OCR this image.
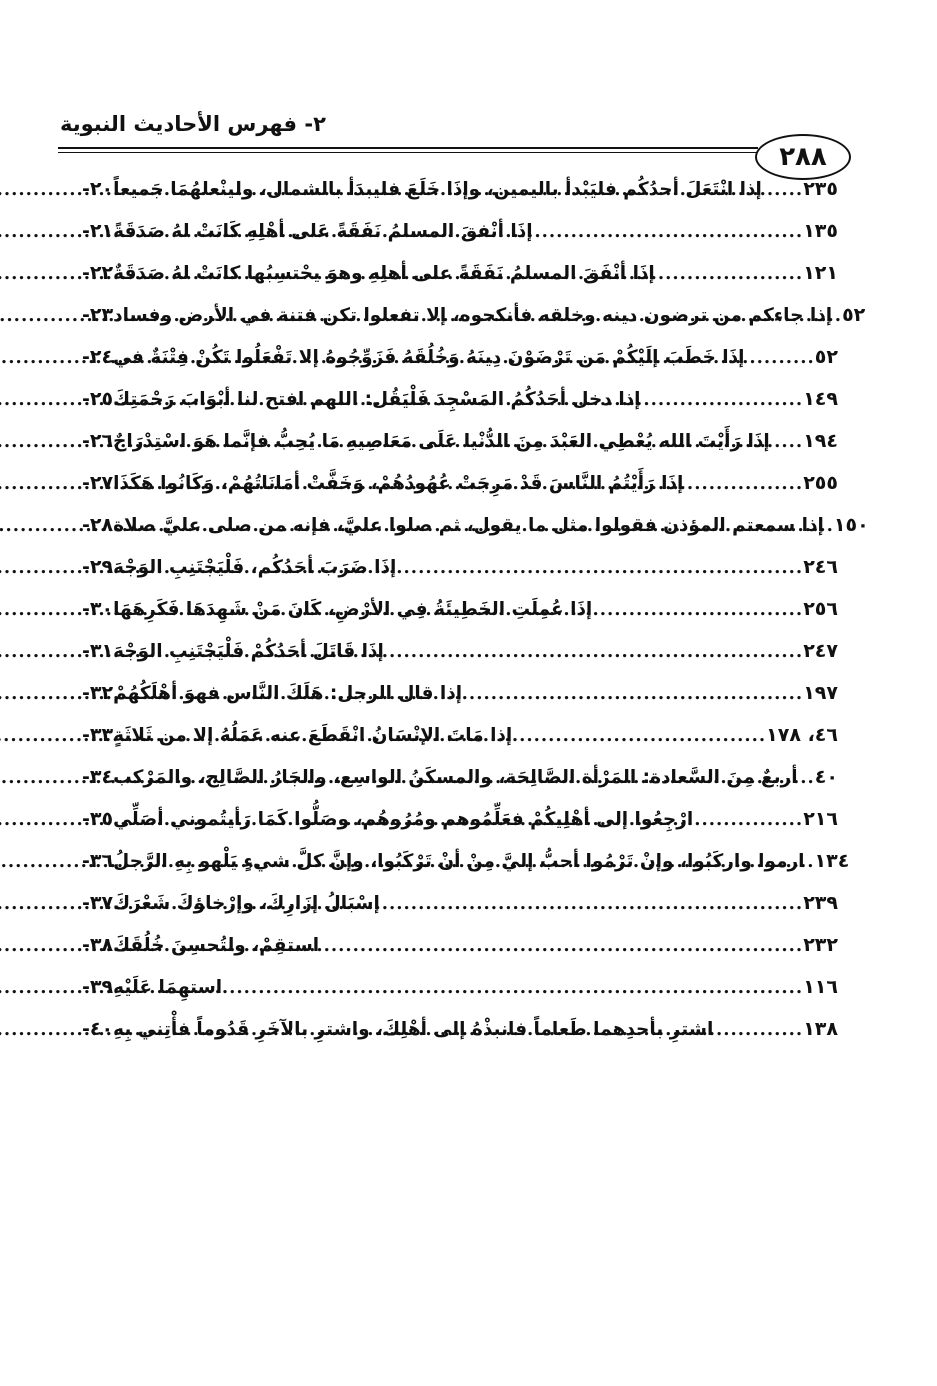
٢- فهرس الأحاديث النبوية
٢٨٨
٢٠- إذا انْتَعَلَ أحدُكُم فليَبْدأ باليمين، وإذَا خَلَعَ فليبدَأ بالشمال، ولينْعلهُمَا جَميعاً ..... ٢٣٥
٢١- إذَا أنْفقَ المسلمُ نَفَقَةً عَلى أهْلِهِ كَانَتْ لهُ صَدَقَةً .....	١٣٥
٢٢- إذَا أنْفَقَ المسلمُ نَفَقَةً على أهلِهِ وهوَ يحْتسِبُها كانَتْ لهُ صَدَقَةٌ .....	١٢١
٢٣- إذا جاءكم من ترضون دينه وخلقه فأنكحوه، إلا تفعلوا تكن فتنة في الأرض وفساد ..... ٥٢
٢٤- إذَا خَطَبَ إلَيْكُمْ مَن تَرْضَوْنَ دِينَهُ وَخُلُقَهُ فَزَوِّجُوهُ إلا تَفْعَلُوا تَكُنْ فِتْنَةٌ في .....	٥٢
٢٥- إذا دخل أحَدُكُمُ المَسْجِدَ فَلْيَقُل: اللهم افتح لنا أبْوَابَ رَحْمَتِكَ .....	١٤٩
٢٦- إذَا رَأَيْتَ الله يُعْطِي العَبْدَ مِنَ الدُّنْيا عَلَى مَعَاصِيهِ مَا يُحِبُّ فإنَّما هَوَ اسْتِدْرَاجٌ ..... ١٩٤
٢٧- إذَا رَأَيْتُمُ النَّاسَ قَدْ مَرِجَتْ عُهُودُهُمْ، وَخَفَّتْ أمَانَاتُهُمْ، وَكَانُوا هَكَذَا .....	٢٥٥
٢٨- إذا سمعتم المؤذن فقولوا مثل ما يقول، ثم صلوا عليَّ، فإنه من صلى عليَّ صلاة ..... ١٥٠
٢٩- إذَا ضَرَبَ أحَدُكُم، فَلْيَجْتَنِبِ الوَجْهَ .....	٢٤٦
٣٠- إذَا عُمِلَتِ الخَطِيئَةُ فِي الأرْضِ، كَانَ مَنْ شَهِدَهَا فَكَرِهَهَا .....	٢٥٦
٣١- إذَا قَاتَلَ أحَدُكُمْ فَلْيَجْتَنِبِ الوَجْهَ .....	٢٤٧
٣٢- إذا قال الرجل: هَلَكَ النَّاس فهوَ أهْلَكُهُمْ .....	١٩٧
٣٣- إذا مَاتَ الإنْسَانُ انْقَطَعَ عنه عَمَلُهُ إلا من ثَلاثَةٍ .....	٤٦، ١٧٨
٣٤- أربعٌ مِنَ السَّعادة: المَرْأة الصَّالِحَة، والمسكَنُ الواسِع، والجَارُ الصَّالِح، والمَرْكب ..... ٤٠
٣٥- ارْجِعُوا إلى أهْلِيكُمْ فعَلِّمُوهم ومُرُوهُم، وصَلُّوا كَمَا رَأيتُموني أصَلِّي .....	٢١٦
٣٦- ارموا واركَبُوا، وإنْ تَرْمُوا أحبُّ إليَّ مِنْ أنْ تَرْكَبُوا، وإنَّ كلَّ شيءٍ يَلْهو بِهِ الرَّجلُ ..... ١٣٤
٣٧- إسْبَالُ إزَارِكَ، وإرْخاؤكَ شَعْرَكَ .....	٢٣٩
٣٨- استقِمْ، ولتُحسِنَ خُلُقَكَ .....	٢٣٢
٣٩- استهِمَا عَلَيْهِ .....	١١٦
٤٠- اشترِ بأحدِهما طَعاماً فانبذْهُ إلى أهْلِكَ، واشترِ بالآخَرِ قَدُوماً فأْتِني بِهِ .....	١٣٨
